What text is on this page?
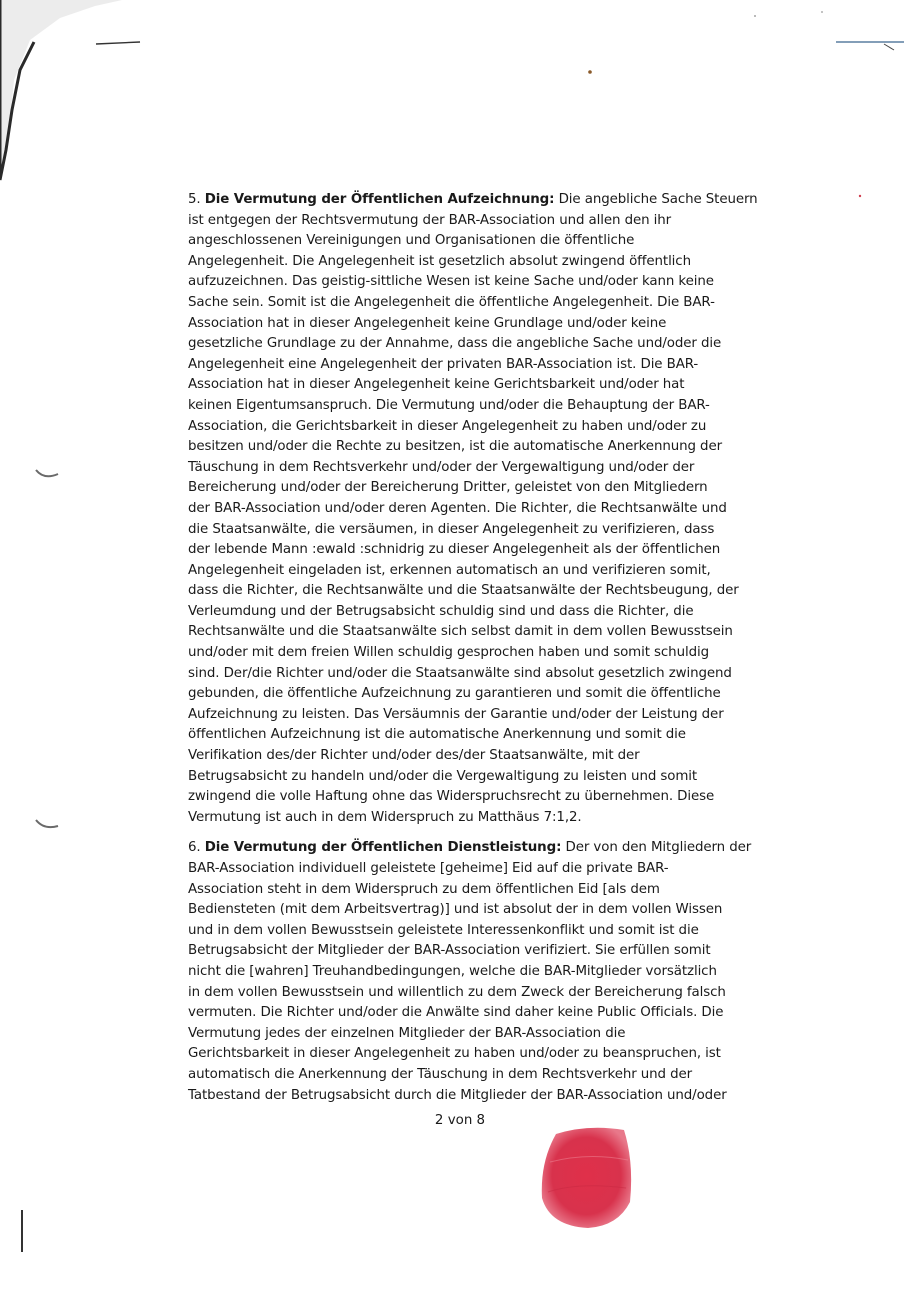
5. Die Vermutung der Öffentlichen Aufzeichnung: Die angebliche Sache Steuern
ist entgegen der Rechtsvermutung der BAR-Association und allen den ihr
angeschlossenen Vereinigungen und Organisationen die öffentliche
Angelegenheit. Die Angelegenheit ist gesetzlich absolut zwingend öffentlich
aufzuzeichnen. Das geistig-sittliche Wesen ist keine Sache und/oder kann keine
Sache sein. Somit ist die Angelegenheit die öffentliche Angelegenheit. Die BAR-
Association hat in dieser Angelegenheit keine Grundlage und/oder keine
gesetzliche Grundlage zu der Annahme, dass die angebliche Sache und/oder die
Angelegenheit eine Angelegenheit der privaten BAR-Association ist. Die BAR-
Association hat in dieser Angelegenheit keine Gerichtsbarkeit und/oder hat
keinen Eigentumsanspruch. Die Vermutung und/oder die Behauptung der BAR-
Association, die Gerichtsbarkeit in dieser Angelegenheit zu haben und/oder zu
besitzen und/oder die Rechte zu besitzen, ist die automatische Anerkennung der
Täuschung in dem Rechtsverkehr und/oder der Vergewaltigung und/oder der
Bereicherung und/oder der Bereicherung Dritter, geleistet von den Mitgliedern
der BAR-Association und/oder deren Agenten. Die Richter, die Rechtsanwälte und
die Staatsanwälte, die versäumen, in dieser Angelegenheit zu verifizieren, dass
der lebende Mann :ewald :schnidrig zu dieser Angelegenheit als der öffentlichen
Angelegenheit eingeladen ist, erkennen automatisch an und verifizieren somit,
dass die Richter, die Rechtsanwälte und die Staatsanwälte der Rechtsbeugung, der
Verleumdung und der Betrugsabsicht schuldig sind und dass die Richter, die
Rechtsanwälte und die Staatsanwälte sich selbst damit in dem vollen Bewusstsein
und/oder mit dem freien Willen schuldig gesprochen haben und somit schuldig
sind. Der/die Richter und/oder die Staatsanwälte sind absolut gesetzlich zwingend
gebunden, die öffentliche Aufzeichnung zu garantieren und somit die öffentliche
Aufzeichnung zu leisten. Das Versäumnis der Garantie und/oder der Leistung der
öffentlichen Aufzeichnung ist die automatische Anerkennung und somit die
Verifikation des/der Richter und/oder des/der Staatsanwälte, mit der
Betrugsabsicht zu handeln und/oder die Vergewaltigung zu leisten und somit
zwingend die volle Haftung ohne das Widerspruchsrecht zu übernehmen. Diese
Vermutung ist auch in dem Widerspruch zu Matthäus 7:1,2.
6. Die Vermutung der Öffentlichen Dienstleistung: Der von den Mitgliedern der
BAR-Association individuell geleistete [geheime] Eid auf die private BAR-
Association steht in dem Widerspruch zu dem öffentlichen Eid [als dem
Bediensteten (mit dem Arbeitsvertrag)] und ist absolut der in dem vollen Wissen
und in dem vollen Bewusstsein geleistete Interessenkonflikt und somit ist die
Betrugsabsicht der Mitglieder der BAR-Association verifiziert. Sie erfüllen somit
nicht die [wahren] Treuhandbedingungen, welche die BAR-Mitglieder vorsätzlich
in dem vollen Bewusstsein und willentlich zu dem Zweck der Bereicherung falsch
vermuten. Die Richter und/oder die Anwälte sind daher keine Public Officials. Die
Vermutung jedes der einzelnen Mitglieder der BAR-Association die
Gerichtsbarkeit in dieser Angelegenheit zu haben und/oder zu beanspruchen, ist
automatisch die Anerkennung der Täuschung in dem Rechtsverkehr und der
Tatbestand der Betrugsabsicht durch die Mitglieder der BAR-Association und/oder
2 von 8
